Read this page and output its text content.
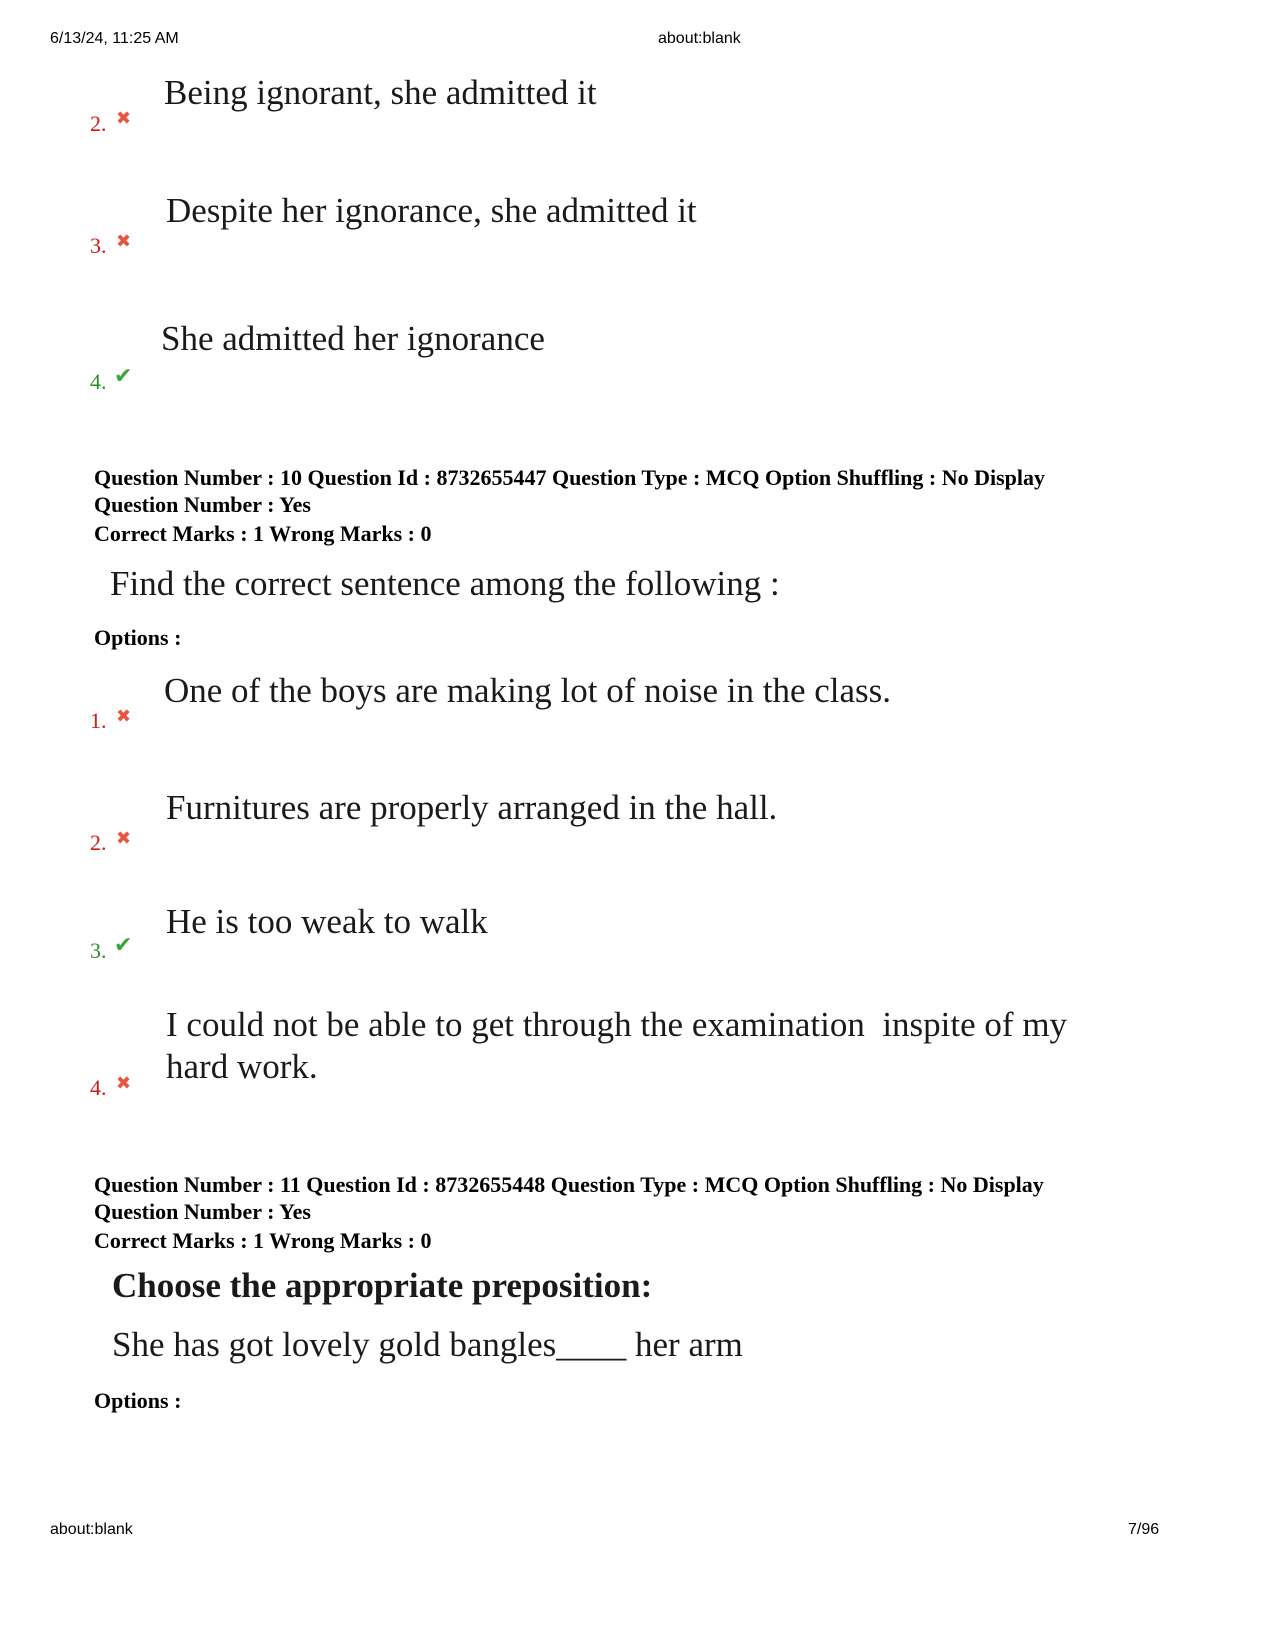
6/13/24, 11:25 AM	about:blank
2. ✖
Being ignorant, she admitted it
3. ✖
Despite her ignorance, she admitted it
4. ✔
She admitted her ignorance
Question Number : 10 Question Id : 8732655447 Question Type : MCQ Option Shuffling : No Display
Question Number : Yes
Correct Marks : 1 Wrong Marks : 0
Find the correct sentence among the following :
Options :
1. ✖
One of the boys are making lot of noise in the class.
2. ✖
Furnitures are properly arranged in the hall.
3. ✔
He is too weak to walk
4. ✖
I could not be able to get through the examination  inspite of my
hard work.
Question Number : 11 Question Id : 8732655448 Question Type : MCQ Option Shuffling : No Display
Question Number : Yes
Correct Marks : 1 Wrong Marks : 0
Choose the appropriate preposition:
She has got lovely gold bangles____ her arm
Options :
about:blank	7/96
